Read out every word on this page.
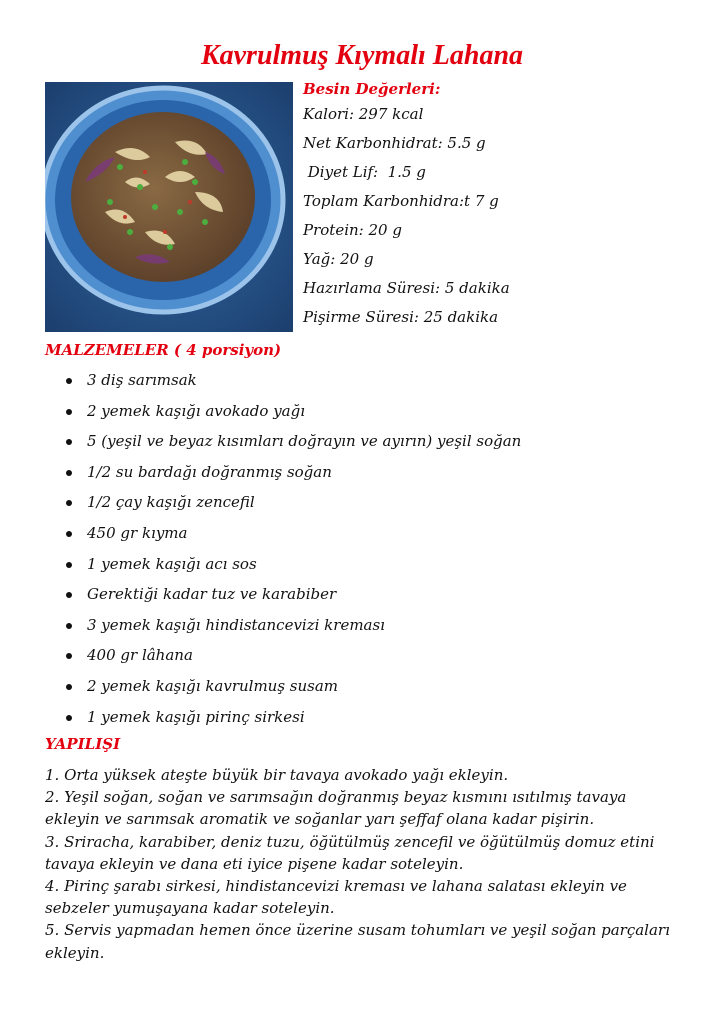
Kavrulmuş Kıymalı Lahana
Besin Değerleri:
Kalori: 297 kcal
Net Karbonhidrat: 5.5 g
Diyet Lif:  1.5 g
Toplam Karbonhidra:t 7 g
Protein: 20 g
Yağ: 20 g
Hazırlama Süresi: 5 dakika
Pişirme Süresi: 25 dakika
MALZEMELER ( 4 porsiyon)
3 diş sarımsak
2 yemek kaşığı avokado yağı
5 (yeşil ve beyaz kısımları doğrayın ve ayırın) yeşil soğan
1/2 su bardağı doğranmış soğan
1/2 çay kaşığı zencefil
450 gr kıyma
1 yemek kaşığı acı sos
Gerektiği kadar tuz ve karabiber
3 yemek kaşığı hindistancevizi kreması
400 gr lâhana
2 yemek kaşığı kavrulmuş susam
1 yemek kaşığı pirinç sirkesi
YAPILIŞI

1. Orta yüksek ateşte büyük bir tavaya avokado yağı ekleyin.

2. Yeşil soğan, soğan ve sarımsağın doğranmış beyaz kısmını ısıtılmış tavaya

ekleyin ve sarımsak aromatik ve soğanlar yarı şeffaf olana kadar pişirin.

3. Sriracha, karabiber, deniz tuzu, öğütülmüş zencefil ve öğütülmüş domuz etini

tavaya ekleyin ve dana eti iyice pişene kadar soteleyin.

4. Pirinç şarabı sirkesi, hindistancevizi kreması ve lahana salatası ekleyin ve

sebzeler yumuşayana kadar soteleyin.

5. Servis yapmadan hemen önce üzerine susam tohumları ve yeşil soğan parçaları

ekleyin.
